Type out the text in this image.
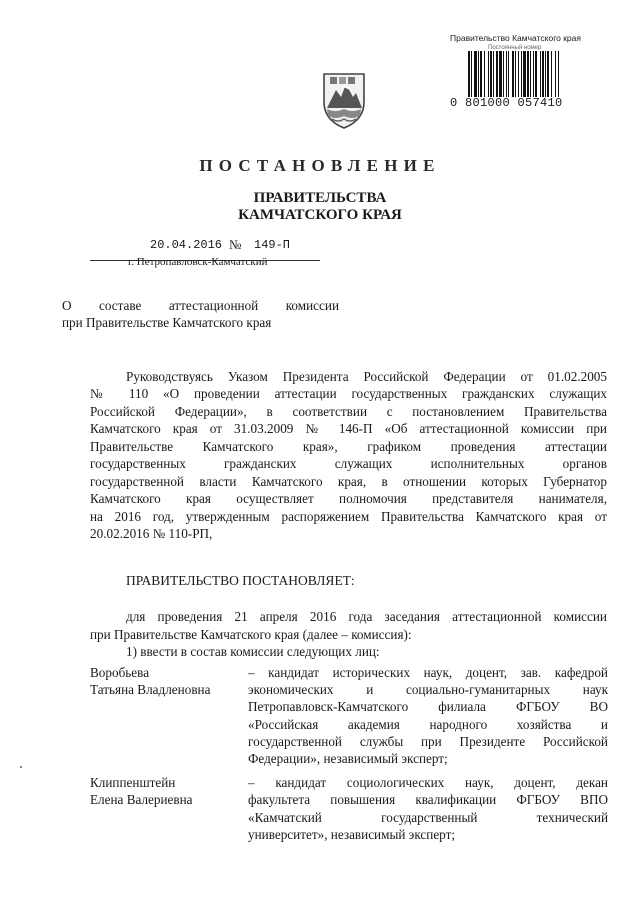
Правительство Камчатского края
Постоянный номер
0 801000 057410
ПОСТАНОВЛЕНИЕ
ПРАВИТЕЛЬСТВА
КАМЧАТСКОГО КРАЯ
20.04.2016 № 149-П
г. Петропавловск-Камчатский
О составе аттестационной комиссии
при Правительстве Камчатского края
Руководствуясь Указом Президента Российской Федерации от 01.02.2005
№ 110 «О проведении аттестации государственных гражданских служащих
Российской Федерации», в соответствии с постановлением Правительства
Камчатского края от 31.03.2009 № 146-П «Об аттестационной комиссии при
Правительстве Камчатского края», графиком проведения аттестации
государственных гражданских служащих исполнительных органов
государственной власти Камчатского края, в отношении которых Губернатор
Камчатского края осуществляет полномочия представителя нанимателя,
на 2016 год, утвержденным распоряжением Правительства Камчатского края от
20.02.2016 № 110-РП,
ПРАВИТЕЛЬСТВО ПОСТАНОВЛЯЕТ:
для проведения 21 апреля 2016 года заседания аттестационной комиссии
при Правительстве Камчатского края (далее – комиссия):
1) ввести в состав комиссии следующих лиц:
Воробьева
Татьяна Владленовна
– кандидат исторических наук, доцент, зав. кафедрой
экономических и социально-гуманитарных наук
Петропавловск-Камчатского филиала ФГБОУ ВО
«Российская академия народного хозяйства и
государственной службы при Президенте Российской
Федерации», независимый эксперт;
Клиппенштейн
Елена Валериевна
– кандидат социологических наук, доцент, декан
факультета повышения квалификации ФГБОУ ВПО
«Камчатский государственный технический
университет», независимый эксперт;
